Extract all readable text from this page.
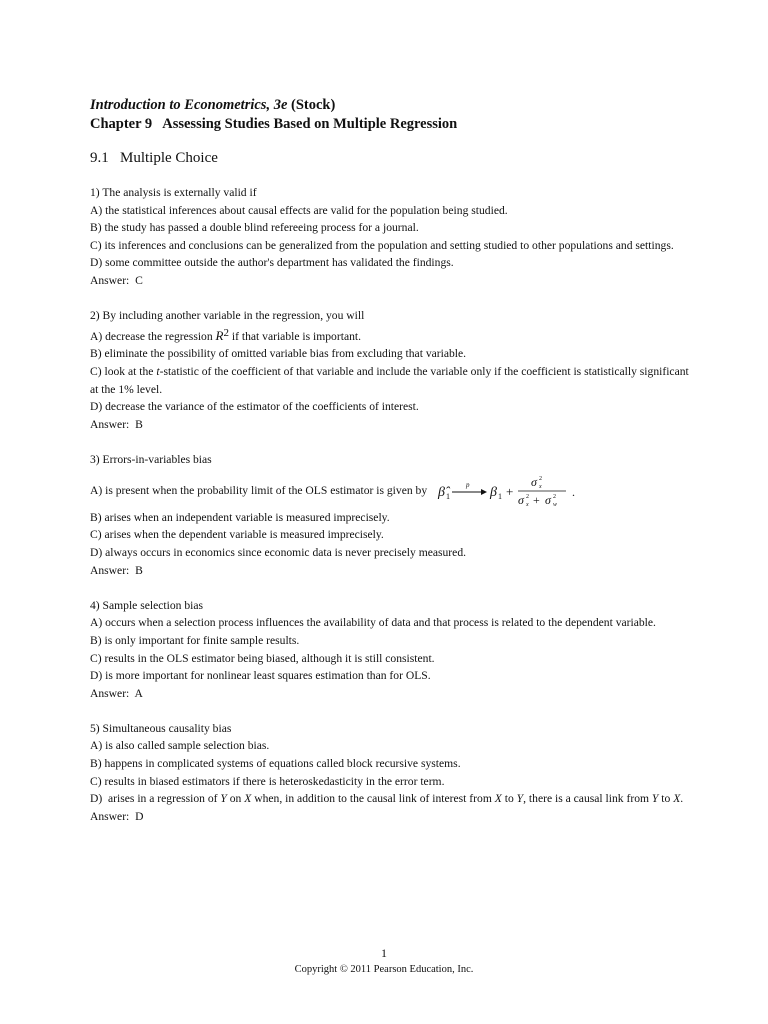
Introduction to Econometrics, 3e (Stock)

Chapter 9   Assessing Studies Based on Multiple Regression

9.1   Multiple Choice

1) The analysis is externally valid if

A) the statistical inferences about causal effects are valid for the population being studied.

B) the study has passed a double blind refereeing process for a journal.

C) its inferences and conclusions can be generalized from the population and setting studied to other populations and settings.

D) some committee outside the author's department has validated the findings.

Answer:  C

2) By including another variable in the regression, you will

A) decrease the regression $R^2$ if that variable is important.

B) eliminate the possibility of omitted variable bias from excluding that variable.

C) look at the t-statistic of the coefficient of that variable and include the variable only if the coefficient is statistically significant at the 1% level.

D) decrease the variance of the estimator of the coefficients of interest.

Answer:  B

3) Errors-in-variables bias

A) is present when the probability limit of the OLS estimator is given by β̂ 1
p β 1 +
σ 2
x
σ 2
x + σ 2
w
.

B) arises when an independent variable is measured imprecisely.

C) arises when the dependent variable is measured imprecisely.

D) always occurs in economics since economic data is never precisely measured.

Answer:  B

4) Sample selection bias

A) occurs when a selection process influences the availability of data and that process is related to the dependent variable.

B) is only important for finite sample results.

C) results in the OLS estimator being biased, although it is still consistent.

D) is more important for nonlinear least squares estimation than for OLS.

Answer:  A

5) Simultaneous causality bias

A) is also called sample selection bias.

B) happens in complicated systems of equations called block recursive systems.

C) results in biased estimators if there is heteroskedasticity in the error term.

D)  arises in a regression of Y on X when, in addition to the causal link of interest from X to Y, there is a causal link from Y to X.

Answer:  D

1
Copyright © 2011 Pearson Education, Inc.
